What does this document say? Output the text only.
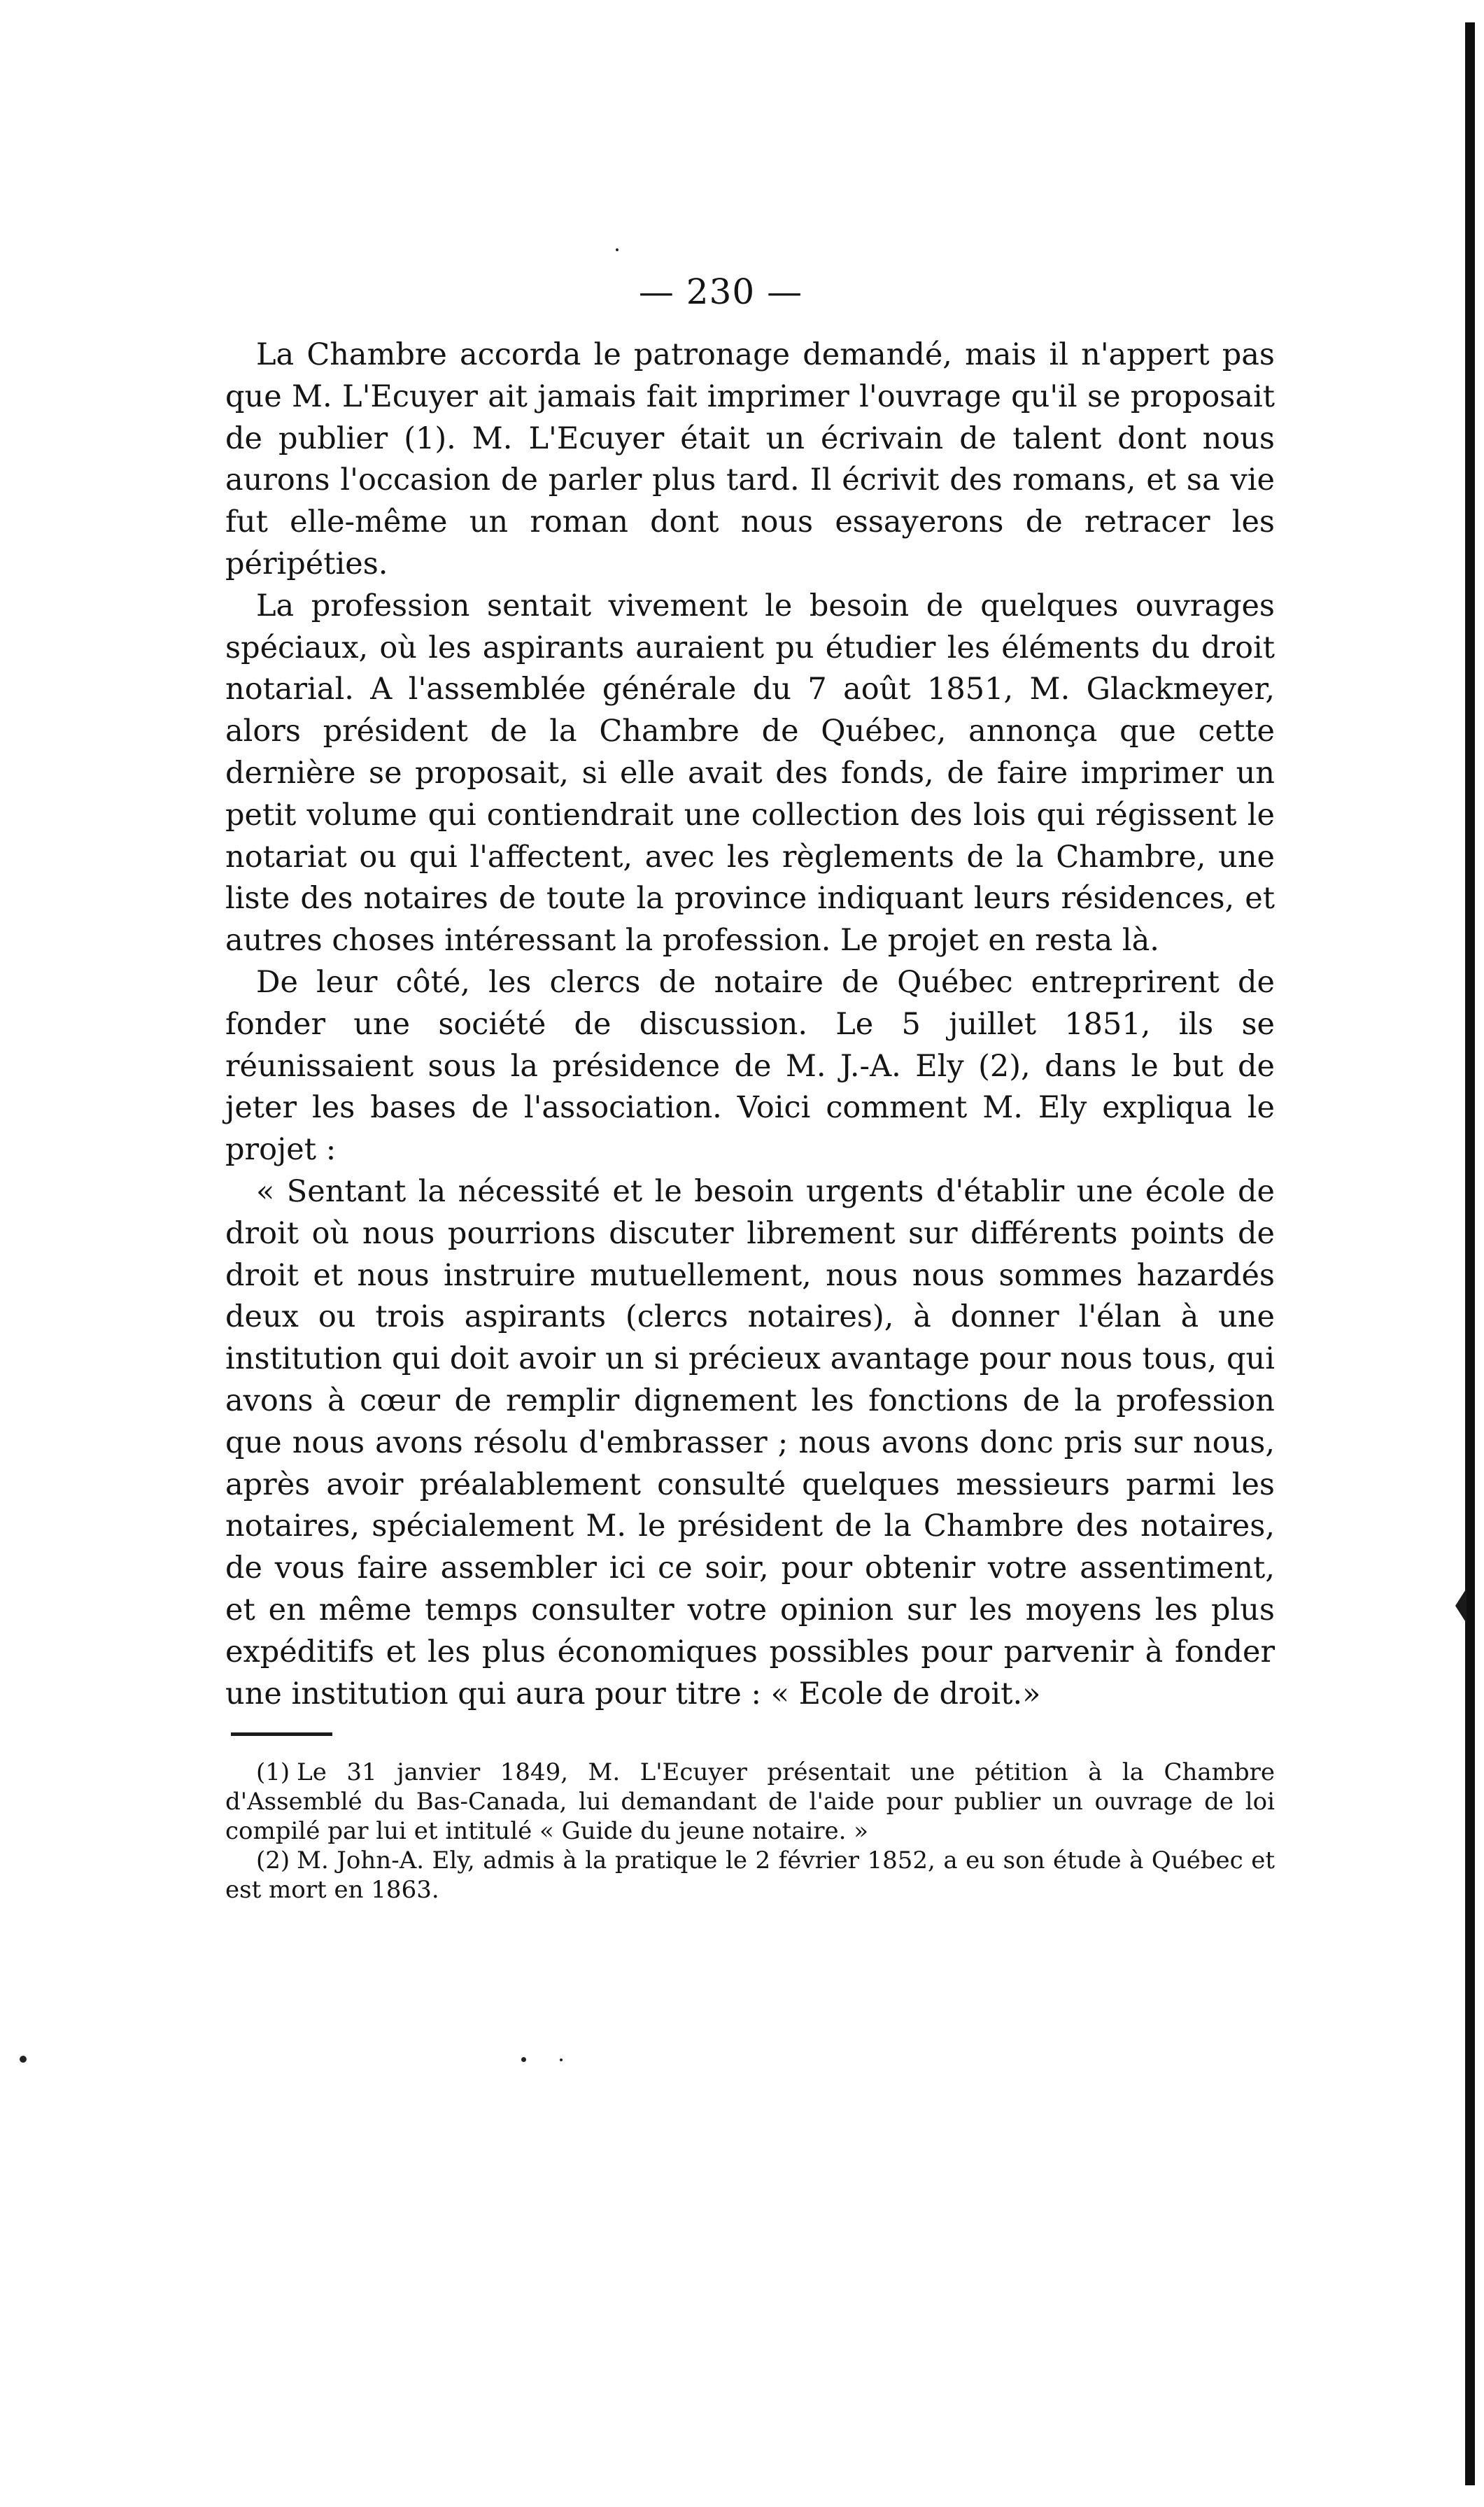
— 230 —

La Chambre accorda le patronage demandé, mais il n'appert pas que M. L'Ecuyer ait jamais fait imprimer l'ouvrage qu'il se proposait de publier (1). M. L'Ecuyer était un écrivain de talent dont nous aurons l'occasion de parler plus tard. Il écrivit des romans, et sa vie fut elle-même un roman dont nous essayerons de retracer les péripéties.

La profession sentait vivement le besoin de quelques ouvrages spéciaux, où les aspirants auraient pu étudier les éléments du droit notarial. A l'assemblée générale du 7 août 1851, M. Glackmeyer, alors président de la Chambre de Québec, annonça que cette dernière se proposait, si elle avait des fonds, de faire imprimer un petit volume qui contiendrait une collection des lois qui régissent le notariat ou qui l'affectent, avec les règlements de la Chambre, une liste des notaires de toute la province indiquant leurs résidences, et autres choses intéressant la profession. Le projet en resta là.

De leur côté, les clercs de notaire de Québec entreprirent de fonder une société de discussion. Le 5 juillet 1851, ils se réunissaient sous la présidence de M. J.-A. Ely (2), dans le but de jeter les bases de l'association. Voici comment M. Ely expliqua le projet :

« Sentant la nécessité et le besoin urgents d'établir une école de droit où nous pourrions discuter librement sur différents points de droit et nous instruire mutuellement, nous nous sommes hazardés deux ou trois aspirants (clercs notaires), à donner l'élan à une institution qui doit avoir un si précieux avantage pour nous tous, qui avons à cœur de remplir dignement les fonctions de la profession que nous avons résolu d'embrasser ; nous avons donc pris sur nous, après avoir préalablement consulté quelques messieurs parmi les notaires, spécialement M. le président de la Chambre des notaires, de vous faire assembler ici ce soir, pour obtenir votre assentiment, et en même temps consulter votre opinion sur les moyens les plus expéditifs et les plus économiques possibles pour parvenir à fonder une institution qui aura pour titre : « Ecole de droit.»

(1) Le 31 janvier 1849, M. L'Ecuyer présentait une pétition à la Chambre d'Assemblé du Bas-Canada, lui demandant de l'aide pour publier un ouvrage de loi compilé par lui et intitulé « Guide du jeune notaire. »

(2) M. John-A. Ely, admis à la pratique le 2 février 1852, a eu son étude à Québec et est mort en 1863.
